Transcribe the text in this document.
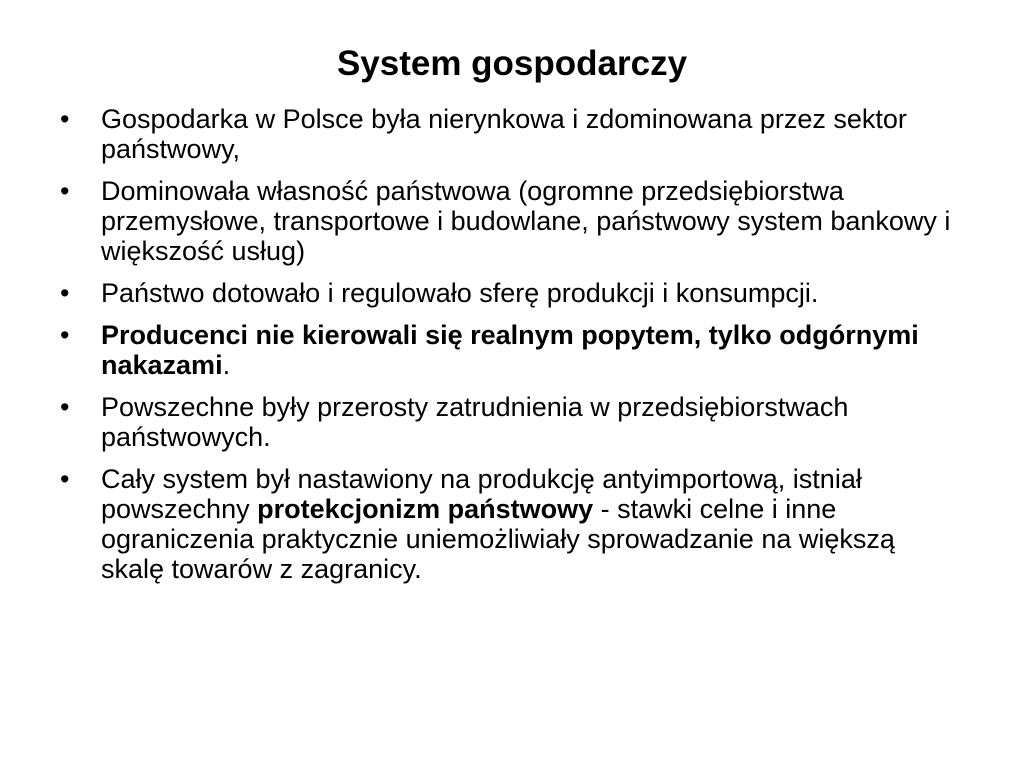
System gospodarczy
• Gospodarka w Polsce była nierynkowa i zdominowana przez sektor państwowy,
• Dominowała własność państwowa (ogromne przedsiębiorstwa przemysłowe, transportowe i budowlane, państwowy system bankowy i większość usług)
• Państwo dotowało i regulowało sferę produkcji i konsumpcji.
• Producenci nie kierowali się realnym popytem, tylko odgórnymi nakazami.
• Powszechne były przerosty zatrudnienia w przedsiębiorstwach państwowych.
• Cały system był nastawiony na produkcję antyimportową, istniał powszechny protekcjonizm państwowy - stawki celne i inne ograniczenia praktycznie uniemożliwiały sprowadzanie na większą skalę towarów z zagranicy.
